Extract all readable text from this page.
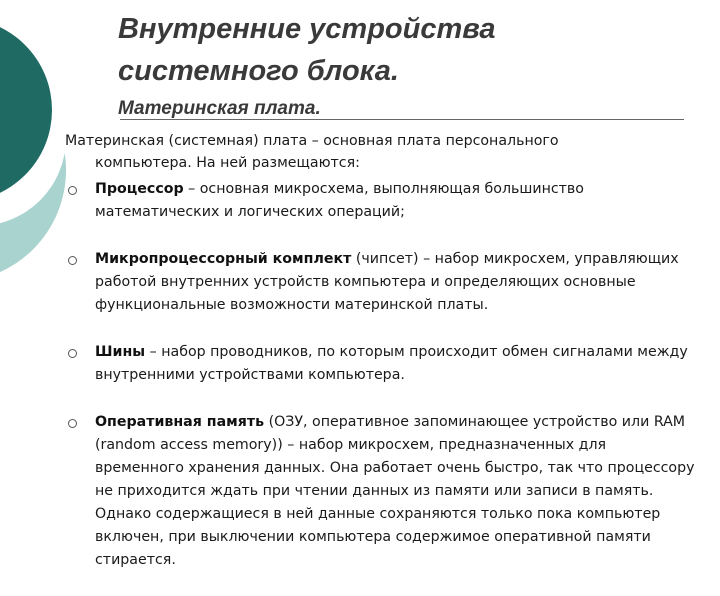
Внутренние устройства
системного блока.
Материнская плата.
Материнская (системная) плата – основная плата персонального
компьютера. На ней размещаются:
Процессор – основная микросхема, выполняющая большинство математических и логических операций;
Микропроцессорный комплект (чипсет) – набор микросхем, управляющих работой внутренних устройств компьютера и определяющих основные функциональные возможности материнской платы.
Шины – набор проводников, по которым происходит обмен сигналами между внутренними устройствами компьютера.
Оперативная память (ОЗУ, оперативное запоминающее устройство или RAM (random access memory)) – набор микросхем, предназначенных для временного хранения данных. Она работает очень быстро, так что процессору не приходится ждать при чтении данных из памяти или записи в память. Однако содержащиеся в ней данные сохраняются только пока компьютер включен, при выключении компьютера содержимое оперативной памяти стирается.
